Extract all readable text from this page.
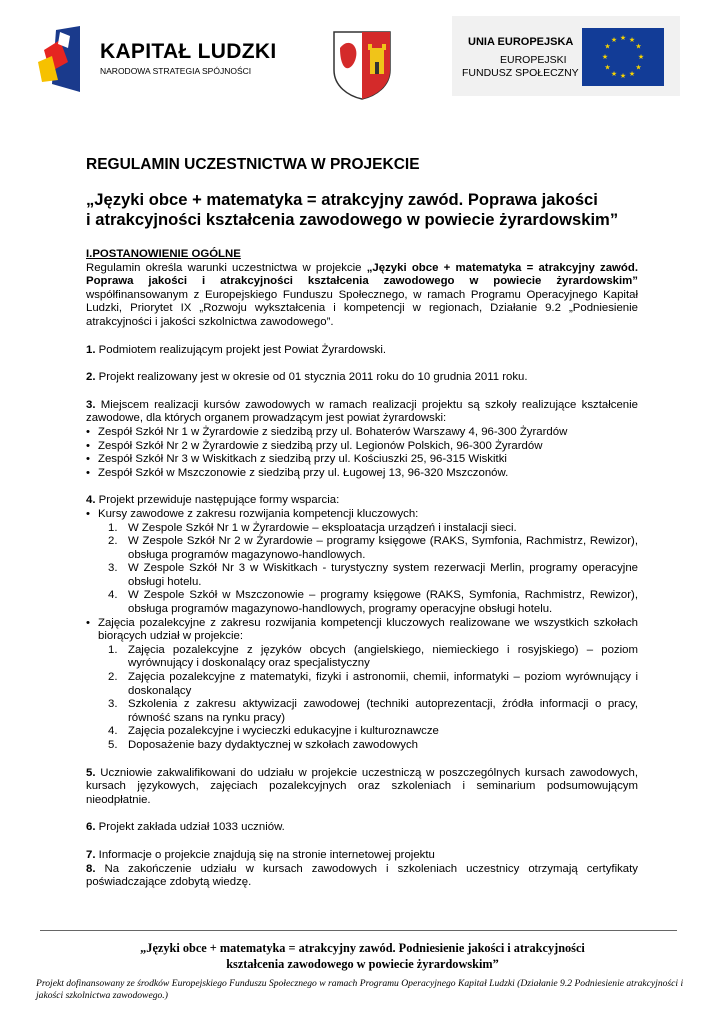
KAPITAŁ LUDZKI
NARODOWA STRATEGIA SPÓJNOŚCI
UNIA EUROPEJSKA
EUROPEJSKI
FUNDUSZ SPOŁECZNY
★ ★
★
★
★
★
★
★
★
★
★
★
REGULAMIN UCZESTNICTWA W PROJEKCIE
„Języki obce + matematyka = atrakcyjny zawód. Poprawa jakości
i atrakcyjności kształcenia zawodowego w powiecie żyrardowskim”

I.POSTANOWIENIE OGÓLNE

Regulamin określa warunki uczestnictwa w projekcie „Języki obce + matematyka = atrakcyjny zawód. Poprawa jakości i atrakcyjności kształcenia zawodowego w powiecie żyrardowskim” współfinansowanym z Europejskiego Funduszu Społecznego, w ramach Programu Operacyjnego Kapitał Ludzki, Priorytet IX „Rozwoju wykształcenia i kompetencji w regionach, Działanie 9.2 „Podniesienie atrakcyjności i jakości szkolnictwa zawodowego”.

1. Podmiotem realizującym projekt jest Powiat Żyrardowski.

2. Projekt realizowany jest w okresie od 01 stycznia 2011 roku do 10 grudnia 2011 roku.

3. Miejscem realizacji kursów zawodowych w ramach realizacji projektu są szkoły realizujące kształcenie zawodowe, dla których organem prowadzącym jest powiat żyrardowski:

• Zespół Szkół Nr 1 w Żyrardowie z siedzibą przy ul. Bohaterów Warszawy 4, 96-300 Żyrardów
• Zespół Szkół Nr 2 w Żyrardowie z siedzibą przy ul. Legionów Polskich, 96-300 Żyrardów
• Zespół Szkół Nr 3 w Wiskitkach z siedzibą przy ul. Kościuszki 25, 96-315 Wiskitki
• Zespół Szkół w Mszczonowie z siedzibą przy ul. Ługowej 13, 96-320 Mszczonów.

4. Projekt przewiduje następujące formy wsparcia:

• Kursy zawodowe z zakresu rozwijania kompetencji kluczowych:
1. W Zespole Szkół Nr 1 w Żyrardowie – eksploatacja urządzeń i instalacji sieci.
2. W Zespole Szkół Nr 2 w Żyrardowie – programy księgowe (RAKS, Symfonia, Rachmistrz, Rewizor), obsługa programów magazynowo-handlowych.
3. W Zespole Szkół Nr 3 w Wiskitkach - turystyczny system rezerwacji Merlin, programy operacyjne obsługi hotelu.
4. W Zespole Szkół w Mszczonowie – programy księgowe (RAKS, Symfonia, Rachmistrz, Rewizor), obsługa programów magazynowo-handlowych, programy operacyjne obsługi hotelu.
• Zajęcia pozalekcyjne z zakresu rozwijania kompetencji kluczowych realizowane we wszystkich szkołach biorących udział w projekcie:
1. Zajęcia pozalekcyjne z języków obcych (angielskiego, niemieckiego i rosyjskiego) – poziom wyrównujący i doskonalący oraz specjalistyczny
2. Zajęcia pozalekcyjne z matematyki, fizyki i astronomii, chemii, informatyki – poziom wyrównujący i doskonalący
3. Szkolenia z zakresu aktywizacji zawodowej (techniki autoprezentacji, źródła informacji o pracy, równość szans na rynku pracy)
4. Zajęcia pozalekcyjne i wycieczki edukacyjne i kulturoznawcze
5. Doposażenie bazy dydaktycznej w szkołach zawodowych

5. Uczniowie zakwalifikowani do udziału w projekcie uczestniczą w poszczególnych kursach zawodowych, kursach językowych, zajęciach pozalekcyjnych oraz szkoleniach i seminarium podsumowującym nieodpłatnie.

6. Projekt zakłada udział 1033 uczniów.

7. Informacje o projekcie znajdują się na stronie internetowej projektu

8. Na zakończenie udziału w kursach zawodowych i szkoleniach uczestnicy otrzymają certyfikaty poświadczające zdobytą wiedzę.

„Języki obce + matematyka = atrakcyjny zawód. Podniesienie jakości i atrakcyjności
kształcenia zawodowego w powiecie żyrardowskim”
Projekt dofinansowany ze środków Europejskiego Funduszu Społecznego w ramach Programu Operacyjnego Kapitał Ludzki (Działanie 9.2 Podniesienie atrakcyjności i jakości szkolnictwa zawodowego.)
